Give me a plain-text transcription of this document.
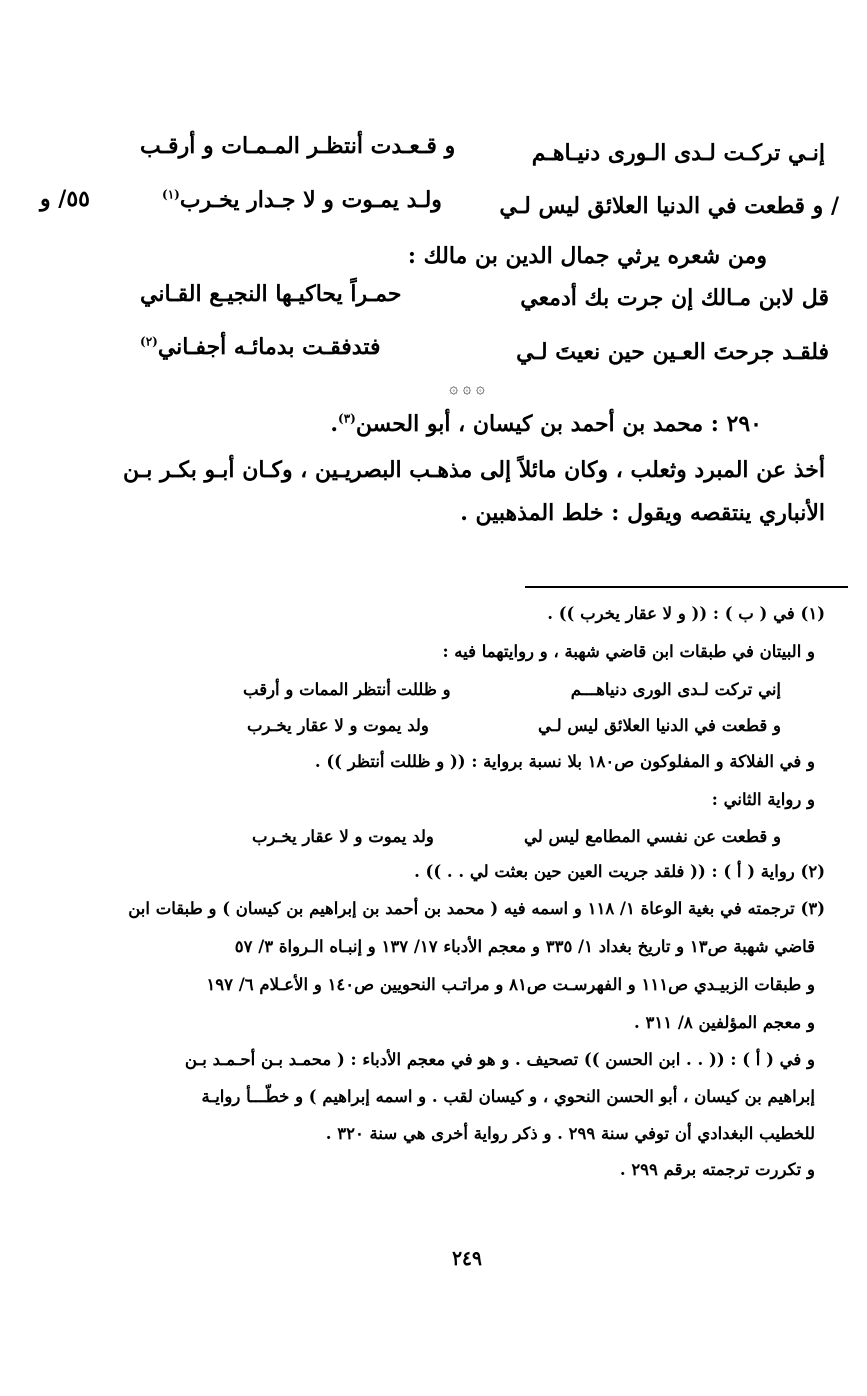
إنـي تركـت لـدى الـورى دنيـاهـم
و قـعـدت أنتظـر المـمـات و أرقـب
/ و قطعت في الدنيا العلائق ليس لـي
ولـد يمـوت و لا جـدار يخـرب$^{(١)}$
٥٥/ و
ومن شعره يرثي جمال الدين بن مالك :
قل لابن مـالك إن جرت بك أدمعي
حمـراً يحاكيـها النجيـع القـاني
فلقـد جرحتَ العـين حين نعيتَ لـي
فتدفقـت بدمائـه أجفـاني$^{(٢)}$
۞ ۞ ۞
٢٩٠ : محمد بن أحمد بن كيسان ، أبو الحسن$^{(٣)}$.
أخذ عن المبرد وثعلب ، وكان مائلاً إلى مذهـب البصريـين ، وكـان أبـو بكـر بـن
الأنباري ينتقصه ويقول : خلط المذهبين .
(١) في ( ب ) : (( و لا عقار يخرب )) .
و البيتان في طبقات ابن قاضي شهبة ، و روايتهما فيه :
إني تركت لـدى الورى دنياهـــم
و ظللت أنتظر الممات و أرقب
و قطعت في الدنيا العلائق ليس لـي
ولد يموت و لا عقار يخـرب
و في الفلاكة و المفلوكون ص١٨٠ بلا نسبة برواية : (( و ظللت أنتظر )) .
و رواية الثاني :
و قطعت عن نفسي المطامع ليس لي
ولد يموت و لا عقار يخـرب
(٢) رواية ( أ ) : (( فلقد جريت العين حين بعثت لي . . )) .
(٣) ترجمته في بغية الوعاة ١/ ١١٨ و اسمه فيه ( محمد بن أحمد بن إبراهيم بن كيسان ) و طبقات ابن
قاضي شهبة ص١٣ و تاريخ بغداد ١/ ٣٣٥ و معجم الأدباء ١٧/ ١٣٧ و إنبـاه الـرواة ٣/ ٥٧
و طبقات الزبيـدي ص١١١ و الفهرسـت ص٨١ و مراتـب النحويين ص١٤٠ و الأعـلام ٦/ ١٩٧
و معجم المؤلفين ٨/ ٣١١ .
و في ( أ ) : (( . . ابن الحسن )) تصحيف . و هو في معجم الأدباء : ( محمـد بـن أحـمـد بـن
إبراهيم بن كيسان ، أبو الحسن النحوي ، و كيسان لقب . و اسمه إبراهيم ) و خطّـــأ روايـة
للخطيب البغدادي أن توفي سنة ٢٩٩ . و ذكر رواية أخرى هي سنة ٣٢٠ .
و تكررت ترجمته برقم ٢٩٩ .
٢٤٩
